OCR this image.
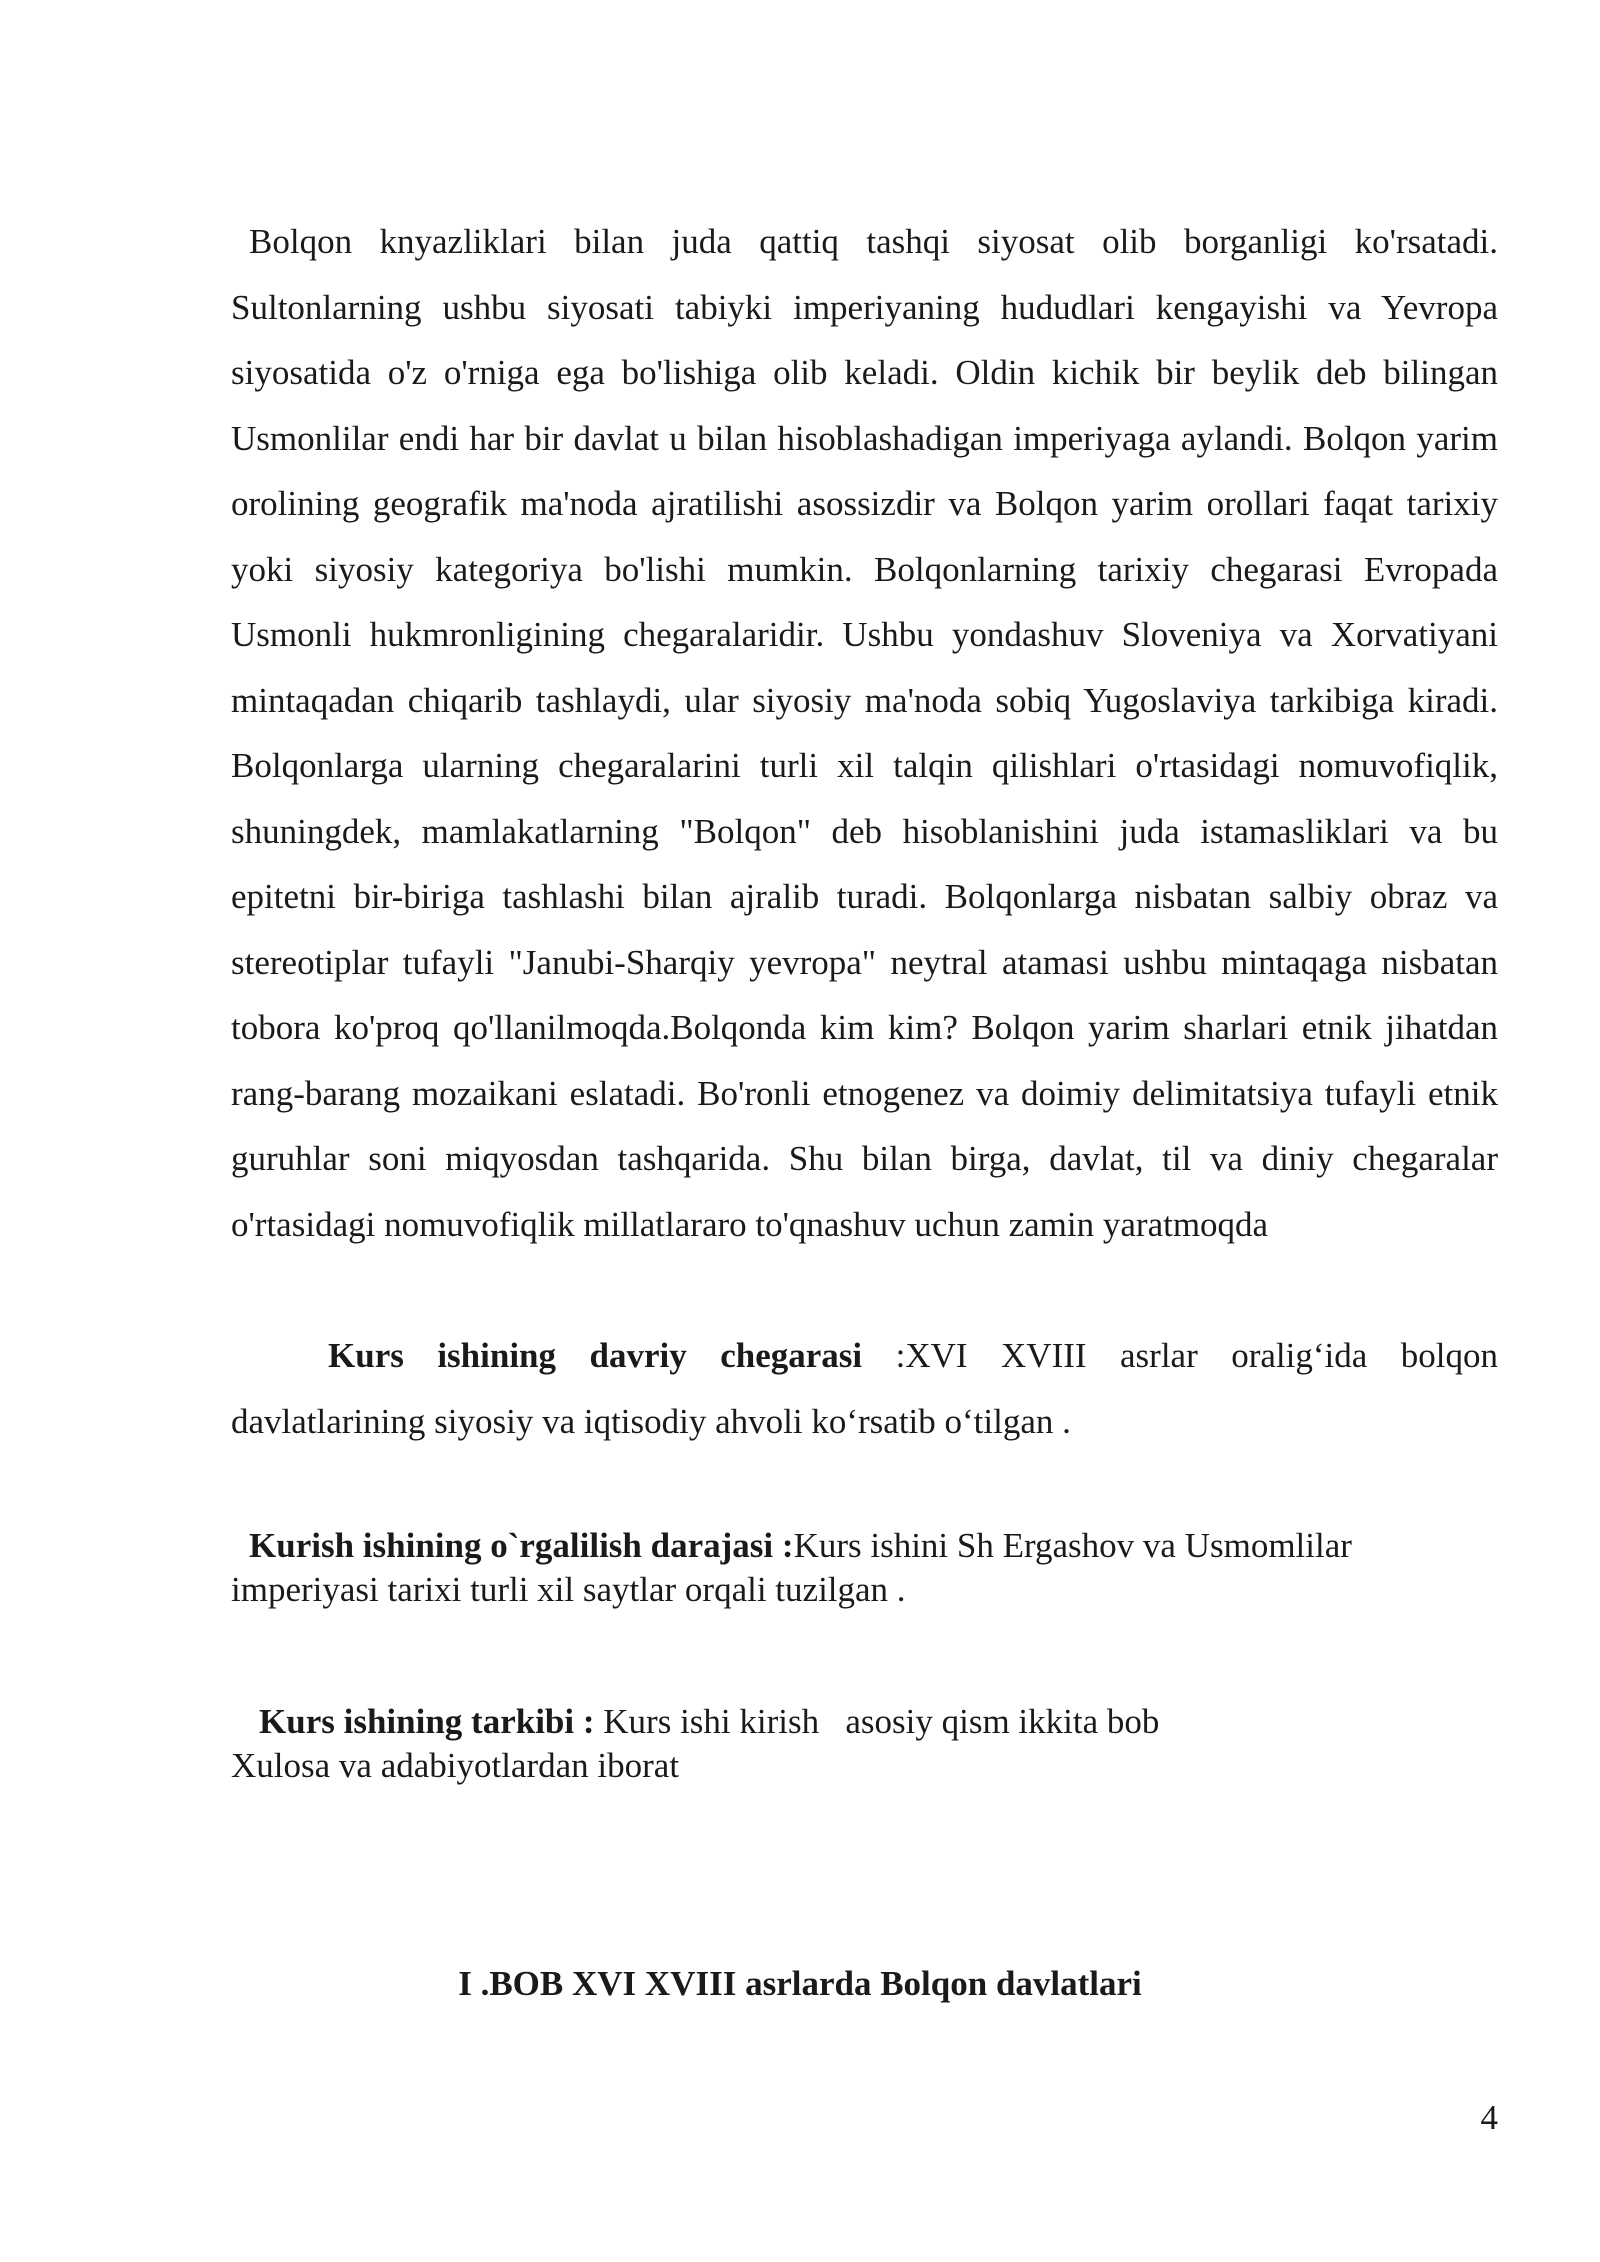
Bolqon knyazliklari bilan juda qattiq tashqi siyosat olib borganligi ko'rsatadi. Sultonlarning ushbu siyosati tabiyki imperiyaning hududlari kengayishi va Yevropa siyosatida o'z o'rniga ega bo'lishiga olib keladi. Oldin kichik bir beylik deb bilingan Usmonlilar endi har bir davlat u bilan hisoblashadigan imperiyaga aylandi. Bolqon yarim orolining geografik ma'noda ajratilishi asossizdir va Bolqon yarim orollari faqat tarixiy yoki siyosiy kategoriya bo'lishi mumkin. Bolqonlarning tarixiy chegarasi Evropada Usmonli hukmronligining chegaralaridir. Ushbu yondashuv Sloveniya va Xorvatiyani mintaqadan chiqarib tashlaydi, ular siyosiy ma'noda sobiq Yugoslaviya tarkibiga kiradi. Bolqonlarga ularning chegaralarini turli xil talqin qilishlari o'rtasidagi nomuvofiqlik, shuningdek, mamlakatlarning "Bolqon" deb hisoblanishini juda istamasliklari va bu epitetni bir-biriga tashlashi bilan ajralib turadi. Bolqonlarga nisbatan salbiy obraz va stereotiplar tufayli "Janubi-Sharqiy yevropa" neytral atamasi ushbu mintaqaga nisbatan tobora ko'proq qo'llanilmoqda.Bolqonda kim kim? Bolqon yarim sharlari etnik jihatdan rang-barang mozaikani eslatadi. Bo'ronli etnogenez va doimiy delimitatsiya tufayli etnik guruhlar soni miqyosdan tashqarida. Shu bilan birga, davlat, til va diniy chegaralar o'rtasidagi nomuvofiqlik millatlararo to'qnashuv uchun zamin yaratmoqda

Kurs ishining davriy chegarasi :XVI XVIII asrlar oralig‘ida bolqon davlatlarining siyosiy va iqtisodiy ahvoli ko‘rsatib o‘tilgan .

Kurish ishining o`rgalilish darajasi :Kurs ishini Sh Ergashov va Usmomlilar
imperiyasi tarixi turli xil saytlar orqali tuzilgan .

Kurs ishining tarkibi : Kurs ishi kirish   asosiy qism ikkita bob
Xulosa va adabiyotlardan iborat

I .BOB XVI XVIII asrlarda Bolqon davlatlari
4
